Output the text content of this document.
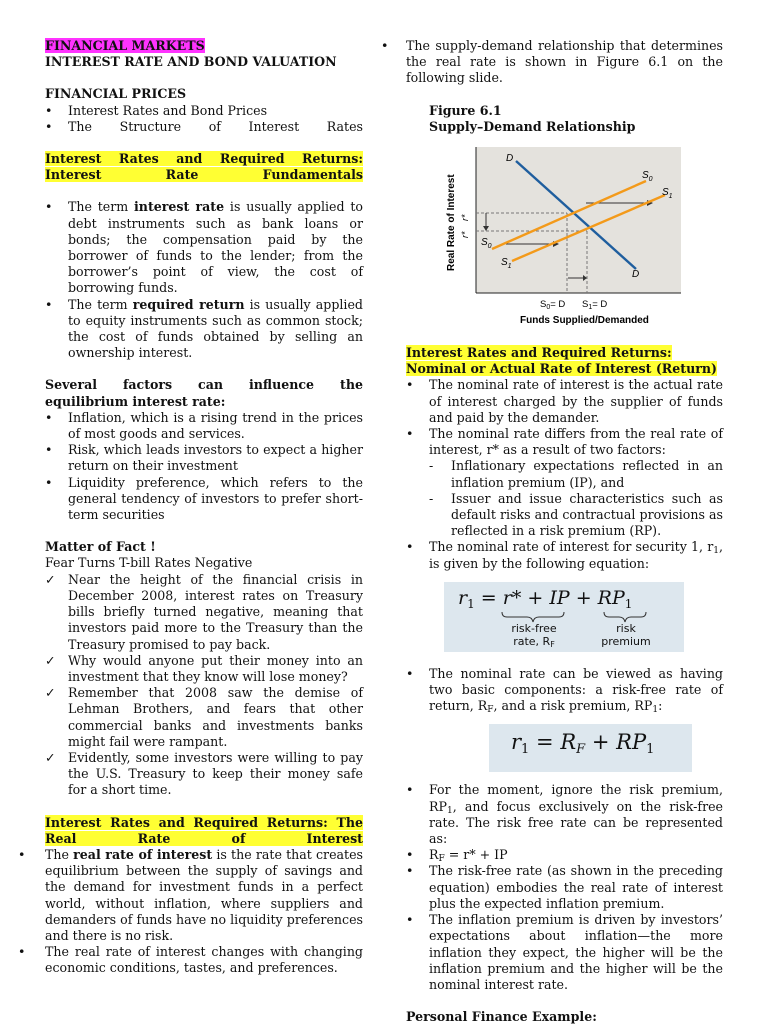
FINANCIAL MARKETS

INTEREST RATE AND BOND VALUATION

FINANCIAL PRICES

• Interest Rates and Bond Prices
• The Structure of Interest Rates

Interest Rates and Required Returns: Interest Rate Fundamentals

• The term interest rate is usually applied to debt instruments such as bank loans or bonds; the compensation paid by the borrower of funds to the lender; from the borrower’s point of view, the cost of borrowing funds.
• The term required return is usually applied to equity instruments such as common stock; the cost of funds obtained by selling an ownership interest.

Several factors can influence the equilibrium interest rate:

• Inflation, which is a rising trend in the prices of most goods and services.
• Risk, which leads investors to expect a higher return on their investment
• Liquidity preference, which refers to the general tendency of investors to prefer short-term securities

Matter of Fact !

Fear Turns T-bill Rates Negative

✓ Near the height of the financial crisis in December 2008, interest rates on Treasury bills briefly turned negative, meaning that investors paid more to the Treasury than the Treasury promised to pay back.
✓ Why would anyone put their money into an investment that they know will lose money?
✓ Remember that 2008 saw the demise of Lehman Brothers, and fears that other commercial banks and investments banks might fail were rampant.
✓ Evidently, some investors were willing to pay the U.S. Treasury to keep their money safe for a short time.

Interest Rates and Required Returns: The Real Rate of Interest

• The real rate of interest is the rate that creates equilibrium between the supply of savings and the demand for investment funds in a perfect world, without inflation, where suppliers and demanders of funds have no liquidity preferences and there is no risk.
• The real rate of interest changes with changing economic conditions, tastes, and preferences.
• The supply-demand relationship that determines the real rate is shown in Figure 6.1 on the following slide.

Figure 6.1

Supply–Demand Relationship

D
D
$S_0$
$S_1$
$S_0$
$S_1$
r*
r*
Real Rate of Interest
$S_0= D$ $S_1= D$
Funds Supplied/Demanded

Interest Rates and Required Returns:

Nominal or Actual Rate of Interest (Return)

• The nominal rate of interest is the actual rate of interest charged by the supplier of funds and paid by the demander.
• The nominal rate differs from the real rate of interest, r* as a result of two factors:
- Inflationary expectations reflected in an inflation premium (IP), and
- Issuer and issue characteristics such as default risks and contractual provisions as reflected in a risk premium (RP).
• The nominal rate of interest for security 1, $r_1$, is given by the following equation:
$r_1 = r*$ + IP + $RP_1$
risk-free
rate, RF
risk
premium
• The nominal rate can be viewed as having two basic components: a risk-free rate of return, $R_F$, and a risk premium, $RP_1$:
r1 = RF + RP1
• For the moment, ignore the risk premium, $RP_1$, and focus exclusively on the risk-free rate. The risk free rate can be represented as:
• $R_F = r*$ + IP
• The risk-free rate (as shown in the preceding equation) embodies the real rate of interest plus the expected inflation premium.
• The inflation premium is driven by investors’ expectations about inflation—the more inflation they expect, the higher will be the inflation premium and the higher will be the nominal interest rate.

Personal Finance Example:
